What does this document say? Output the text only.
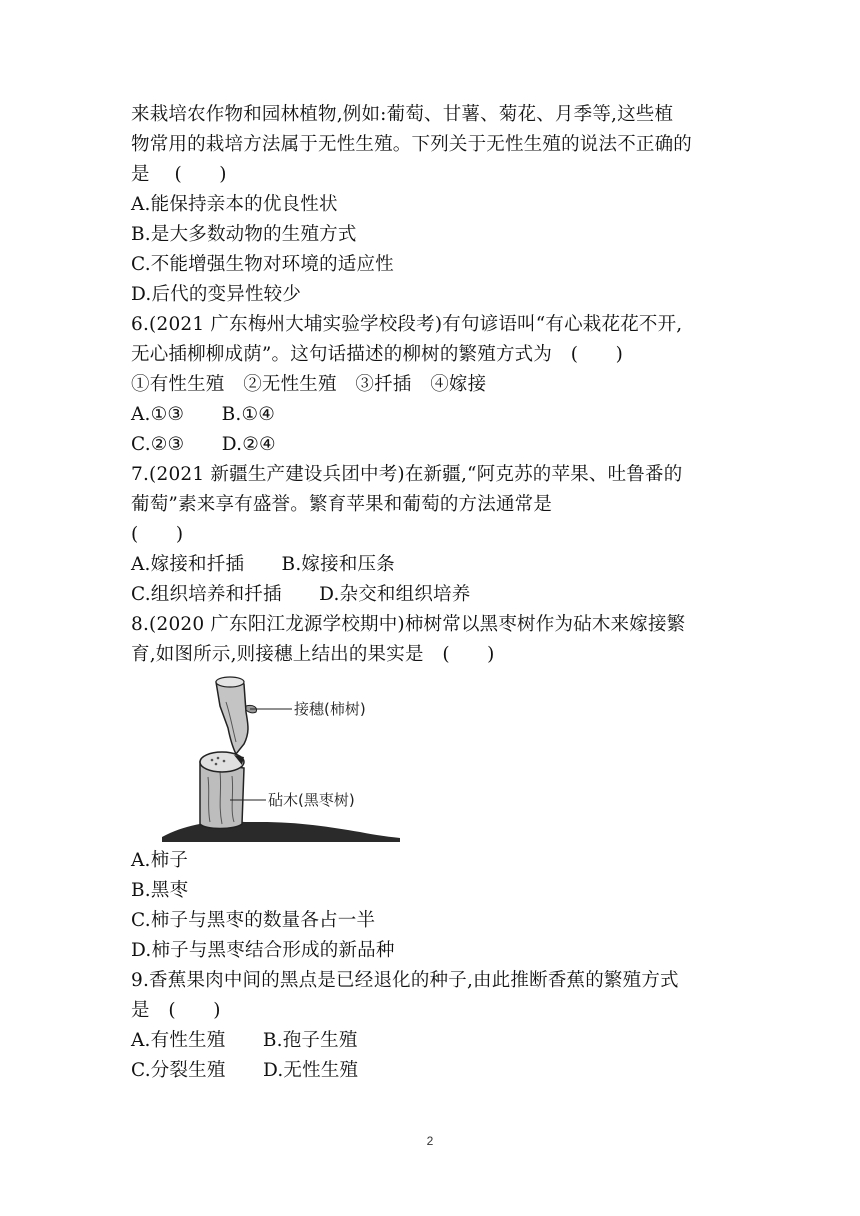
来栽培农作物和园林植物,例如:葡萄、甘薯、菊花、月季等,这些植
物常用的栽培方法属于无性生殖。下列关于无性生殖的说法不正确的
是　 (　　)
A.能保持亲本的优良性状
B.是大多数动物的生殖方式
C.不能增强生物对环境的适应性
D.后代的变异性较少
6.(2021 广东梅州大埔实验学校段考)有句谚语叫“有心栽花花不开,
无心插柳柳成荫”。这句话描述的柳树的繁殖方式为　(　　)
①有性生殖　②无性生殖　③扦插　④嫁接
A.①③　　B.①④
C.②③　　D.②④
7.(2021 新疆生产建设兵团中考)在新疆,“阿克苏的苹果、吐鲁番的
葡萄”素来享有盛誉。繁育苹果和葡萄的方法通常是
(　　)
A.嫁接和扦插　　B.嫁接和压条
C.组织培养和扦插　　D.杂交和组织培养
8.(2020 广东阳江龙源学校期中)柿树常以黑枣树作为砧木来嫁接繁
育,如图所示,则接穗上结出的果实是　(　　)
接穗(柿树)
砧木(黑枣树)
A.柿子
B.黑枣
C.柿子与黑枣的数量各占一半
D.柿子与黑枣结合形成的新品种
9.香蕉果肉中间的黑点是已经退化的种子,由此推断香蕉的繁殖方式
是　(　　)
A.有性生殖　　B.孢子生殖
C.分裂生殖　　D.无性生殖
2
